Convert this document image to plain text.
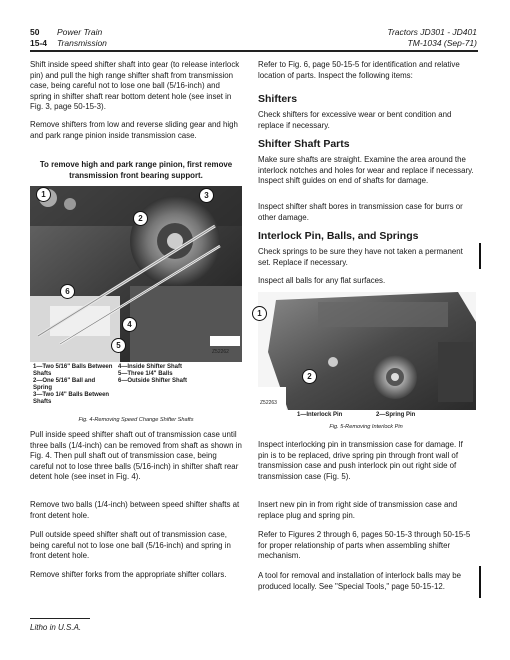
50 Power Train
15-4 Transmission
Tractors JD301 - JD401
TM-1034 (Sep-71)
Shift inside speed shifter shaft into gear (to release interlock pin) and pull the high range shifter shaft from transmission case, being careful not to lose one ball (5/16-inch) and spring in shifter shaft rear bottom detent hole (see inset in Fig. 3, page 50-15-3).
Remove shifters from low and reverse sliding gear and high and park range pinion inside transmission case.
To remove high and park range pinion, first remove transmission front bearing support.
1
2
3
4
5
6
Z52262
1—Two 5/16" Balls Between Shafts
2—One 5/16" Ball and Spring
3—Two 1/4" Balls Between Shafts
4—Inside Shifter Shaft
5—Three 1/4" Balls
6—Outside Shifter Shaft
Fig. 4-Removing Speed Change Shifter Shafts
Pull inside speed shifter shaft out of transmission case until three balls (1/4-inch) can be removed from shaft as shown in Fig. 4. Then pull shaft out of transmission case, being careful not to lose three balls (5/16-inch) in shifter shaft rear detent hole (see inset in Fig. 4).
Remove two balls (1/4-inch) between speed shifter shafts at front detent hole.
Pull outside speed shifter shaft out of transmission case, being careful not to lose one ball (5/16-inch) and spring in front detent hole.
Remove shifter forks from the appropriate shifter collars.
Refer to Fig. 6, page 50-15-5 for identification and relative location of parts. Inspect the following items:
Shifters
Check shifters for excessive wear or bent condition and replace if necessary.
Shifter Shaft Parts
Make sure shafts are straight. Examine the area around the interlock notches and holes for wear and replace if necessary. Inspect shift guides on end of shafts for damage.
Inspect shifter shaft bores in transmission case for burrs or other damage.
Interlock Pin, Balls, and Springs
Check springs to be sure they have not taken a permanent set. Replace if necessary.
Inspect all balls for any flat surfaces.
1
2
Z52263
1—Interlock Pin	2—Spring Pin
Fig. 5-Removing Interlock Pin
Inspect interlocking pin in transmission case for damage. If pin is to be replaced, drive spring pin through front wall of transmission case and push interlock pin out right side of transmission case (Fig. 5).
Insert new pin in from right side of transmission case and replace plug and spring pin.
Refer to Figures 2 through 6, pages 50-15-3 through 50-15-5 for proper relationship of parts when assembling shifter mechanism.
A tool for removal and installation of interlock balls may be produced locally. See "Special Tools," page 50-15-12.
Litho in U.S.A.
